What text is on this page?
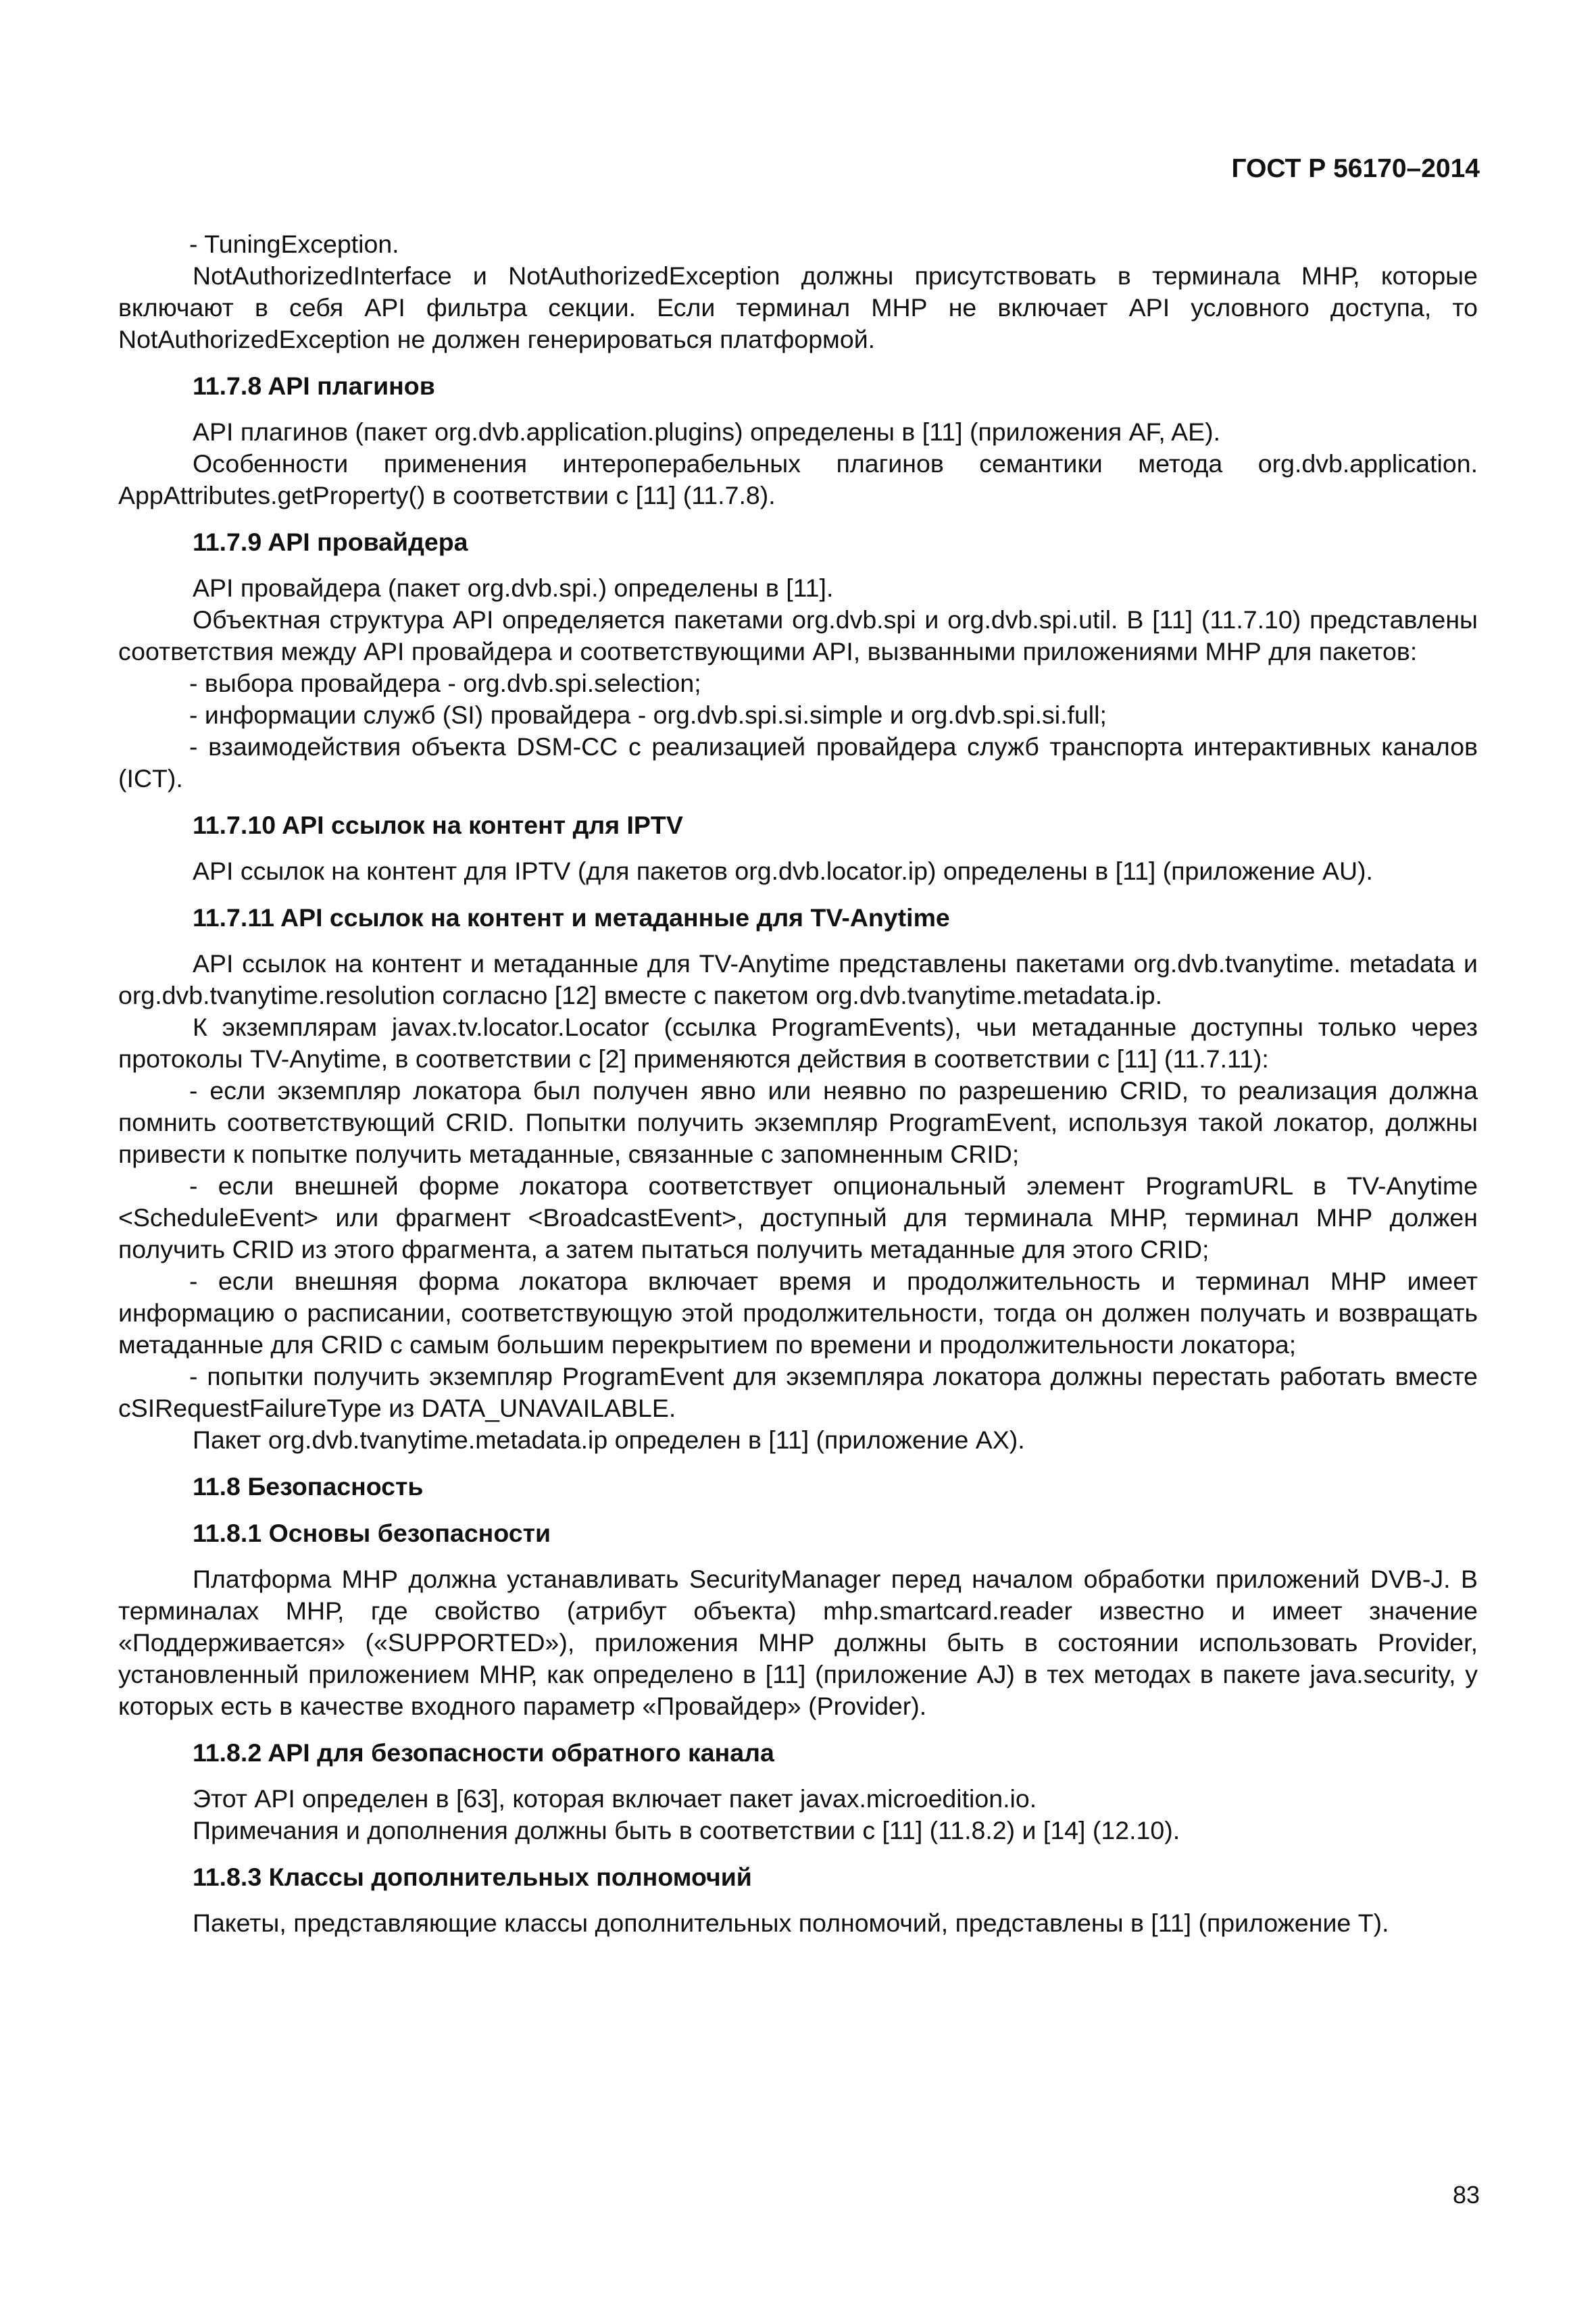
ГОСТ Р 56170–2014

- TuningException.

NotAuthorizedInterface и NotAuthorizedException должны присутствовать в терминала МНР, которые включают в себя API фильтра секции. Если терминал МНР не включает API условного доступа, то NotAuthorizedException не должен генерироваться платформой.

11.7.8 API плагинов

API плагинов (пакет org.dvb.application.plugins) определены в [11] (приложения AF, AE).

Особенности применения интероперабельных плагинов семантики метода org.dvb.application. AppAttributes.getProperty() в соответствии с [11] (11.7.8).

11.7.9 API провайдера

API провайдера (пакет org.dvb.spi.) определены в [11].

Объектная структура API определяется пакетами org.dvb.spi и org.dvb.spi.util. В [11] (11.7.10) представлены соответствия между API провайдера и соответствующими API, вызванными приложениями МНР для пакетов:

- выбора провайдера - org.dvb.spi.selection;

- информации служб (SI) провайдера - org.dvb.spi.si.simple и org.dvb.spi.si.full;

- взаимодействия объекта DSM-CC с реализацией провайдера служб транспорта интерактивных каналов (ICT).

11.7.10 API ссылок на контент для IPTV

API ссылок на контент для IPTV (для пакетов org.dvb.locator.ip) определены в [11] (приложение AU).

11.7.11 API ссылок на контент и метаданные для TV-Anytime

API ссылок на контент и метаданные для TV-Anytime представлены пакетами org.dvb.tvanytime. metadata и org.dvb.tvanytime.resolution согласно [12] вместе с пакетом org.dvb.tvanytime.metadata.ip.

К экземплярам javax.tv.locator.Locator (ссылка ProgramEvents), чьи метаданные доступны только через протоколы TV-Anytime, в соответствии с [2] применяются действия в соответствии с [11] (11.7.11):

- если экземпляр локатора был получен явно или неявно по разрешению CRID, то реализация должна помнить соответствующий CRID. Попытки получить экземпляр ProgramEvent, используя такой локатор, должны привести к попытке получить метаданные, связанные с запомненным CRID;

- если внешней форме локатора соответствует опциональный элемент ProgramURL в TV-Anytime <ScheduleEvent> или фрагмент <BroadcastEvent>, доступный для терминала МНР, терминал МНР должен получить CRID из этого фрагмента, а затем пытаться получить метаданные для этого CRID;

- если внешняя форма локатора включает время и продолжительность и терминал МНР имеет информацию о расписании, соответствующую этой продолжительности, тогда он должен получать и возвращать метаданные для CRID с самым большим перекрытием по времени и продолжительности локатора;

- попытки получить экземпляр ProgramEvent для экземпляра локатора должны перестать работать вместе cSIRequestFailureType из DATA_UNAVAILABLE.

Пакет org.dvb.tvanytime.metadata.ip определен в [11] (приложение AX).

11.8 Безопасность
11.8.1 Основы безопасности

Платформа МНР должна устанавливать SecurityManager перед началом обработки приложений DVB-J. В терминалах МНР, где свойство (атрибут объекта) mhp.smartcard.reader известно и имеет значение «Поддерживается» («SUPPORTED»), приложения МНР должны быть в состоянии использовать Provider, установленный приложением МНР, как определено в [11] (приложение AJ) в тех методах в пакете java.security, у которых есть в качестве входного параметр «Провайдер» (Provider).

11.8.2 API для безопасности обратного канала

Этот API определен в [63], которая включает пакет javax.microedition.io.

Примечания и дополнения должны быть в соответствии с [11] (11.8.2) и [14] (12.10).

11.8.3 Классы дополнительных полномочий

Пакеты, представляющие классы дополнительных полномочий, представлены в [11] (приложение T).

83
